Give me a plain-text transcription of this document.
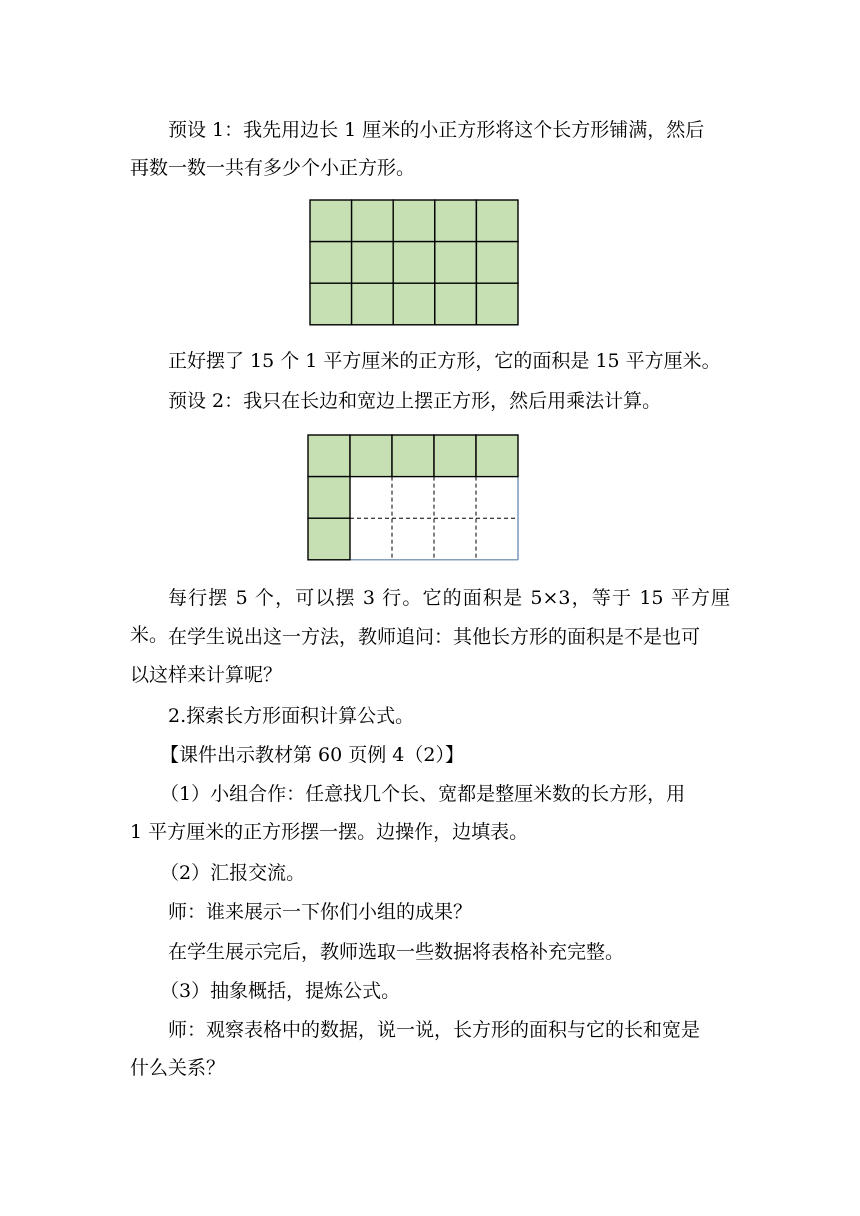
预设 1：我先用边长 1 厘米的小正方形将这个长方形铺满，然后
再数一数一共有多少个小正方形。
正好摆了 15 个 1 平方厘米的正方形，它的面积是 15 平方厘米。
预设 2：我只在长边和宽边上摆正方形，然后用乘法计算。
每行摆 5 个，可以摆 3 行。它的面积是 5×3，等于 15 平方厘米。 在学生说出这一方法，教师追问：其他长方形的面积是不是也可
以这样来计算呢？
2.探索长方形面积计算公式。
【课件出示教材第 60 页例 4（2）】
（1）小组合作：任意找几个长、宽都是整厘米数的长方形，用
1 平方厘米的正方形摆一摆。边操作，边填表。
（2）汇报交流。
师：谁来展示一下你们小组的成果？
在学生展示完后，教师选取一些数据将表格补充完整。
（3）抽象概括，提炼公式。
师：观察表格中的数据，说一说，长方形的面积与它的长和宽是
什么关系？
